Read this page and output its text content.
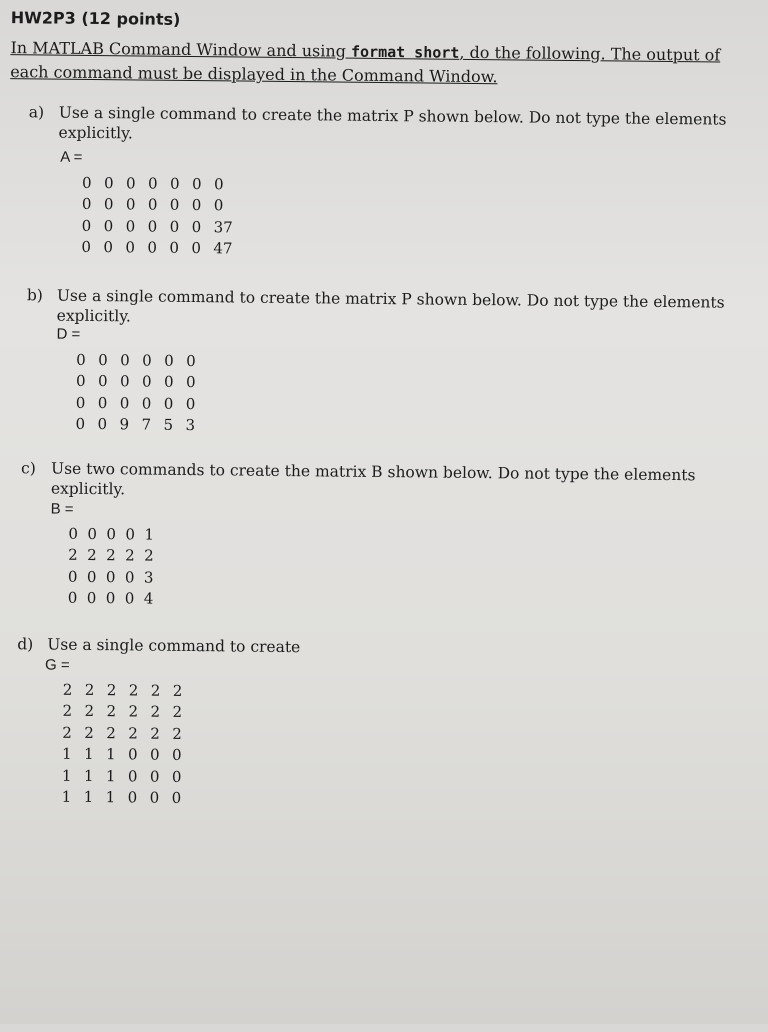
HW2P3 (12 points)
In MATLAB Command Window and using format short, do the following. The output of each command must be displayed in the Command Window.
a) Use a single command to create the matrix P shown below. Do not type the elements
explicitly.
A =
0	0	0	0	0	0	0
0	0	0	0	0	0	0
0	0	0	0	0	0	37
0	0	0	0	0	0	47
b) Use a single command to create the matrix P shown below. Do not type the elements
explicitly.
D =
0	0	0	0	0	0
0	0	0	0	0	0
0	0	0	0	0	0
0	0	9	7	5	3
c) Use two commands to create the matrix B shown below. Do not type the elements
explicitly.
B =
0	0	0	0	1
2	2	2	2	2
0	0	0	0	3
0	0	0	0	4
d) Use a single command to create
G =
2	2	2	2	2	2
2	2	2	2	2	2
2	2	2	2	2	2
1	1	1	0	0	0
1	1	1	0	0	0
1	1	1	0	0	0
